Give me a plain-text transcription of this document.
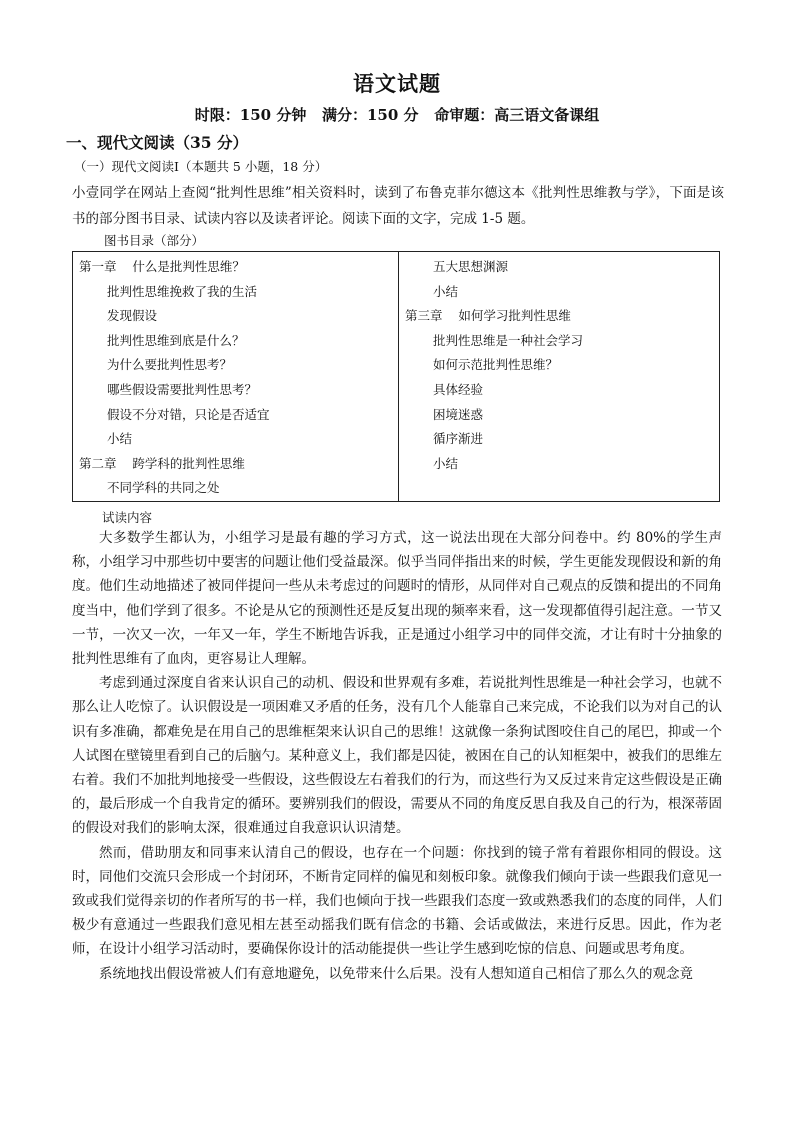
语文试题
时限：150 分钟   满分：150 分   命审题：高三语文备课组
一、现代文阅读（35 分）
（一）现代文阅读Ⅰ（本题共 5 小题，18 分）
小壹同学在网站上查阅“批判性思维”相关资料时，读到了布鲁克菲尔德这本《批判性思维教与学》，下面是该书的部分图书目录、试读内容以及读者评论。阅读下面的文字，完成 1-5 题。
图书目录（部分）
第一章    什么是批判性思维？
批判性思维挽救了我的生活
发现假设
批判性思维到底是什么？
为什么要批判性思考？
哪些假设需要批判性思考？
假设不分对错，只论是否适宜
小结
第二章    跨学科的批判性思维
不同学科的共同之处
五大思想渊源
小结
第三章    如何学习批判性思维
批判性思维是一种社会学习
如何示范批判性思维？
具体经验
困境迷惑
循序渐进
小结
试读内容

大多数学生都认为，小组学习是最有趣的学习方式，这一说法出现在大部分问卷中。约 80%的学生声称，小组学习中那些切中要害的问题让他们受益最深。似乎当同伴指出来的时候，学生更能发现假设和新的角度。他们生动地描述了被同伴提问一些从未考虑过的问题时的情形，从同伴对自己观点的反馈和提出的不同角度当中，他们学到了很多。不论是从它的预测性还是反复出现的频率来看，这一发现都值得引起注意。一节又一节，一次又一次，一年又一年，学生不断地告诉我，正是通过小组学习中的同伴交流，才让有时十分抽象的批判性思维有了血肉，更容易让人理解。

考虑到通过深度自省来认识自己的动机、假设和世界观有多难，若说批判性思维是一种社会学习，也就不那么让人吃惊了。认识假设是一项困难又矛盾的任务，没有几个人能靠自己来完成，不论我们以为对自己的认识有多准确，都难免是在用自己的思维框架来认识自己的思维！这就像一条狗试图咬住自己的尾巴，抑或一个人试图在壁镜里看到自己的后脑勺。某种意义上，我们都是囚徒，被困在自己的认知框架中，被我们的思维左右着。我们不加批判地接受一些假设，这些假设左右着我们的行为，而这些行为又反过来肯定这些假设是正确的，最后形成一个自我肯定的循环。要辨别我们的假设，需要从不同的角度反思自我及自己的行为，根深蒂固的假设对我们的影响太深，很难通过自我意识认识清楚。

然而，借助朋友和同事来认清自己的假设，也存在一个问题：你找到的镜子常有着跟你相同的假设。这时，同他们交流只会形成一个封闭环，不断肯定同样的偏见和刻板印象。就像我们倾向于读一些跟我们意见一致或我们觉得亲切的作者所写的书一样，我们也倾向于找一些跟我们态度一致或熟悉我们的态度的同伴，人们极少有意通过一些跟我们意见相左甚至动摇我们既有信念的书籍、会话或做法，来进行反思。因此，作为老师，在设计小组学习活动时，要确保你设计的活动能提供一些让学生感到吃惊的信息、问题或思考角度。

系统地找出假设常被人们有意地避免，以免带来什么后果。没有人想知道自己相信了那么久的观念竟
